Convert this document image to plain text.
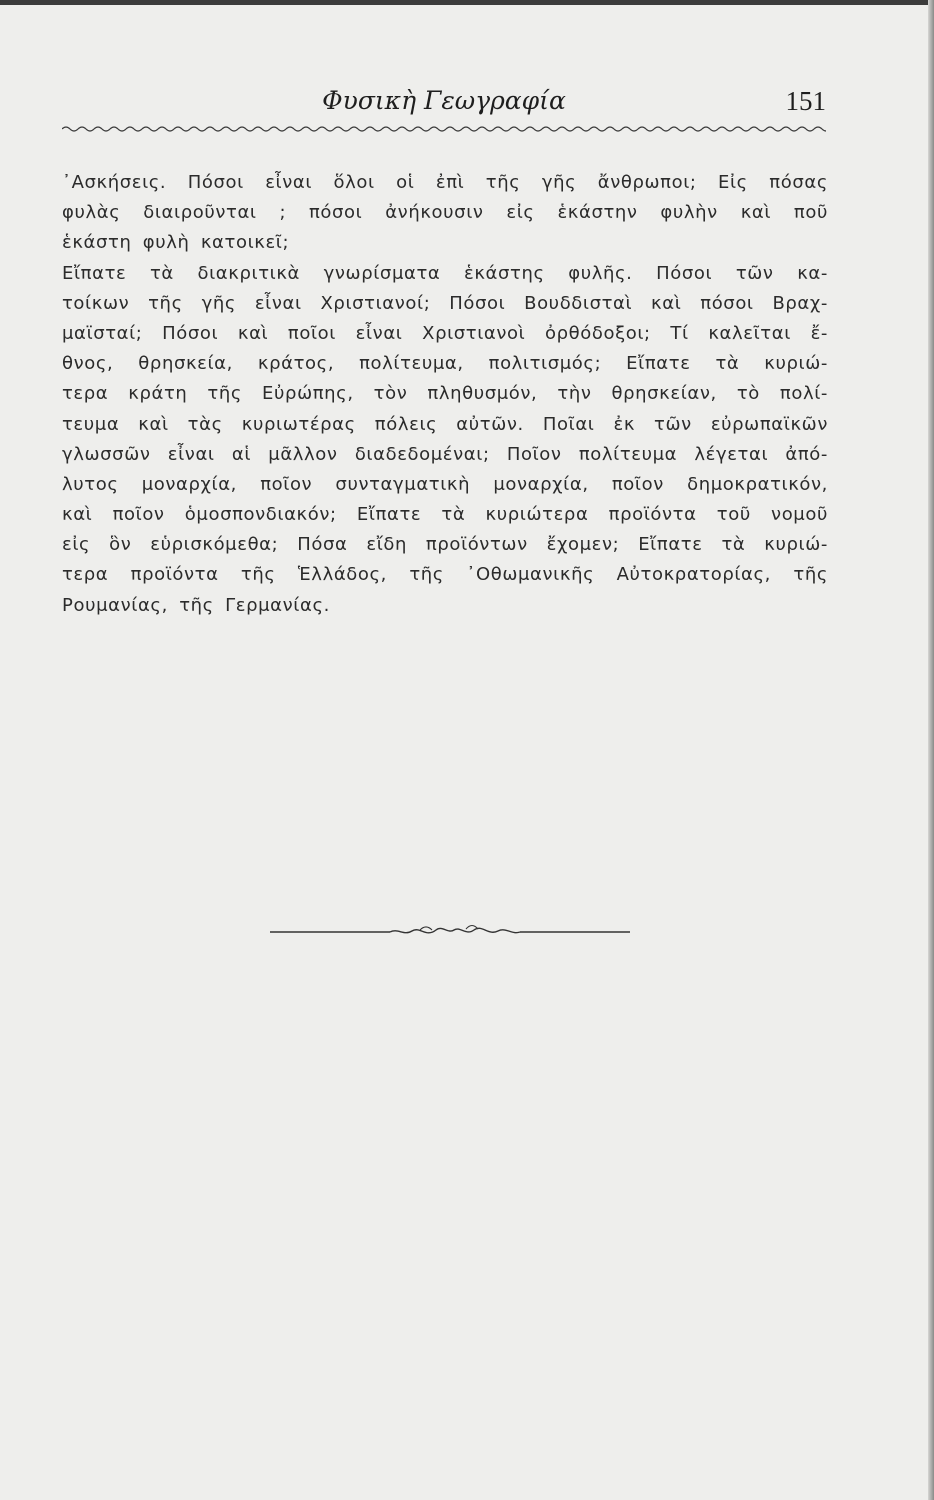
Φυσικὴ Γεωγραφία	151
᾿Ασκήσεις. Πόσοι εἶναι ὅλοι οἱ ἐπὶ τῆς γῆς ἄνθρωποι; Εἰς πόσας
φυλὰς διαιροῦνται ; πόσοι ἀνήκουσιν εἰς ἑκάστην φυλὴν καὶ ποῦ
ἑκάστη φυλὴ κατοικεῖ;
Εἴπατε τὰ διακριτικὰ γνωρίσματα ἑκάστης φυλῆς. Πόσοι τῶν κα-
τοίκων τῆς γῆς εἶναι Χριστιανοί; Πόσοι Βουδδισταὶ καὶ πόσοι Βραχ-
μαϊσταί; Πόσοι καὶ ποῖοι εἶναι Χριστιανοὶ ὀρθόδοξοι; Τί καλεῖται ἔ-
θνος, θρησκεία, κράτος, πολίτευμα, πολιτισμός; Εἴπατε τὰ κυριώ-
τερα κράτη τῆς Εὐρώπης, τὸν πληθυσμόν, τὴν θρησκείαν, τὸ πολί-
τευμα καὶ τὰς κυριωτέρας πόλεις αὐτῶν. Ποῖαι ἐκ τῶν εὐρωπαϊκῶν
γλωσσῶν εἶναι αἱ μᾶλλον διαδεδομέναι; Ποῖον πολίτευμα λέγεται ἀπό-
λυτος μοναρχία, ποῖον συνταγματικὴ μοναρχία, ποῖον δημοκρατικόν,
καὶ ποῖον ὁμοσπονδιακόν; Εἴπατε τὰ κυριώτερα προϊόντα τοῦ νομοῦ
εἰς ὃν εὑρισκόμεθα; Πόσα εἴδη προϊόντων ἔχομεν; Εἴπατε τὰ κυριώ-
τερα προϊόντα τῆς Ἑλλάδος, τῆς ᾿Οθωμανικῆς Αὐτοκρατορίας, τῆς
Ρουμανίας, τῆς Γερμανίας.
